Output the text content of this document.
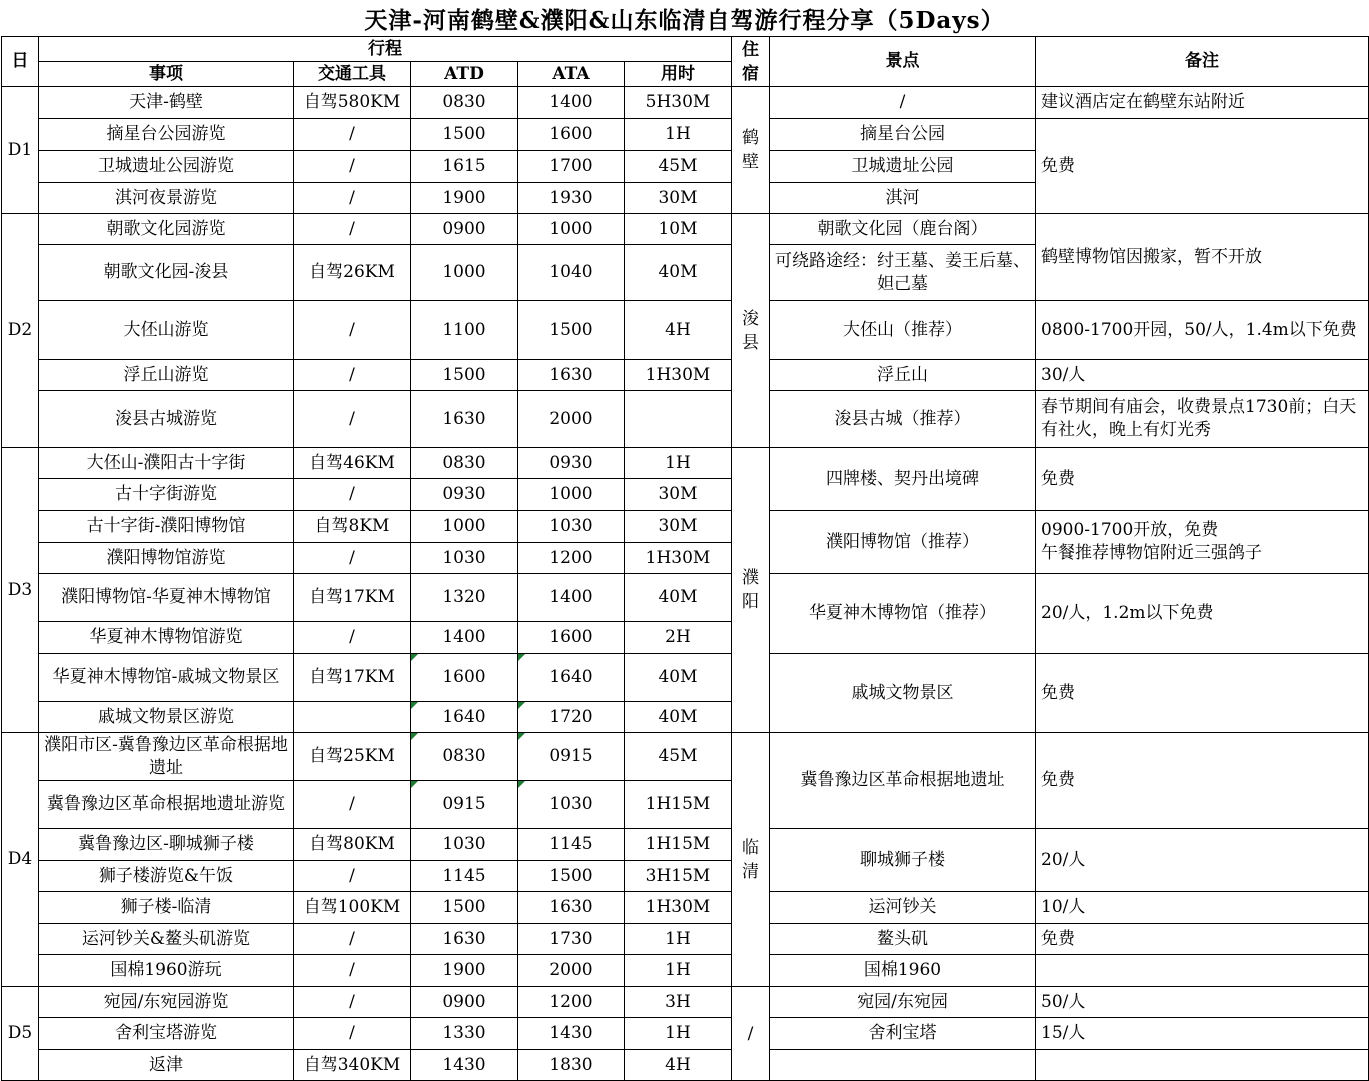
天津-河南鹤壁&濮阳&山东临清自驾游行程分享（5Days）
日	行程					住宿	景点	备注
	事项	交通工具	ATD	ATA	用时			
D1	天津-鹤壁	自驾580KM	0830	1400	5H30M	鹤壁	/	建议酒店定在鹤壁东站附近
	摘星台公园游览	/	1500	1600	1H		摘星台公园	免费
	卫城遗址公园游览	/	1615	1700	45M		卫城遗址公园	
	淇河夜景游览	/	1900	1930	30M		淇河	
D2	朝歌文化园游览	/	0900	1000	10M	浚县	朝歌文化园（鹿台阁）	鹤壁博物馆因搬家，暂不开放
	朝歌文化园-浚县	自驾26KM	1000	1040	40M		可绕路途经：纣王墓、姜王后墓、妲己墓	
	大伾山游览	/	1100	1500	4H		大伾山（推荐）	0800-1700开园，50/人，1.4m以下免费
	浮丘山游览	/	1500	1630	1H30M		浮丘山	30/人
	浚县古城游览	/	1630	2000			浚县古城（推荐）	春节期间有庙会，收费景点1730前；白天有社火，晚上有灯光秀
D3	大伾山-濮阳古十字街	自驾46KM	0830	0930	1H	濮阳	四牌楼、契丹出境碑	免费
	古十字街游览	/	0930	1000	30M			
	古十字街-濮阳博物馆	自驾8KM	1000	1030	30M		濮阳博物馆（推荐）	0900-1700开放，免费
午餐推荐博物馆附近三强鸽子
	濮阳博物馆游览	/	1030	1200	1H30M			
	濮阳博物馆-华夏神木博物馆	自驾17KM	1320	1400	40M		华夏神木博物馆（推荐）	20/人，1.2m以下免费
	华夏神木博物馆游览	/	1400	1600	2H			
	华夏神木博物馆-戚城文物景区	自驾17KM	1600	1640	40M		戚城文物景区	免费
	戚城文物景区游览		1640	1720	40M			
D4	濮阳市区-冀鲁豫边区革命根据地遗址	自驾25KM	0830	0915	45M	临清	冀鲁豫边区革命根据地遗址	免费
	冀鲁豫边区革命根据地遗址游览	/	0915	1030	1H15M			
	冀鲁豫边区-聊城狮子楼	自驾80KM	1030	1145	1H15M		聊城狮子楼	20/人
	狮子楼游览&午饭	/	1145	1500	3H15M			
	狮子楼-临清	自驾100KM	1500	1630	1H30M		运河钞关	10/人
	运河钞关&鳌头矶游览	/	1630	1730	1H		鳌头矶	免费
	国棉1960游玩	/	1900	2000	1H		国棉1960	
D5	宛园/东宛园游览	/	0900	1200	3H	/	宛园/东宛园	50/人
	舍利宝塔游览	/	1330	1430	1H		舍利宝塔	15/人
	返津	自驾340KM	1430	1830	4H			
